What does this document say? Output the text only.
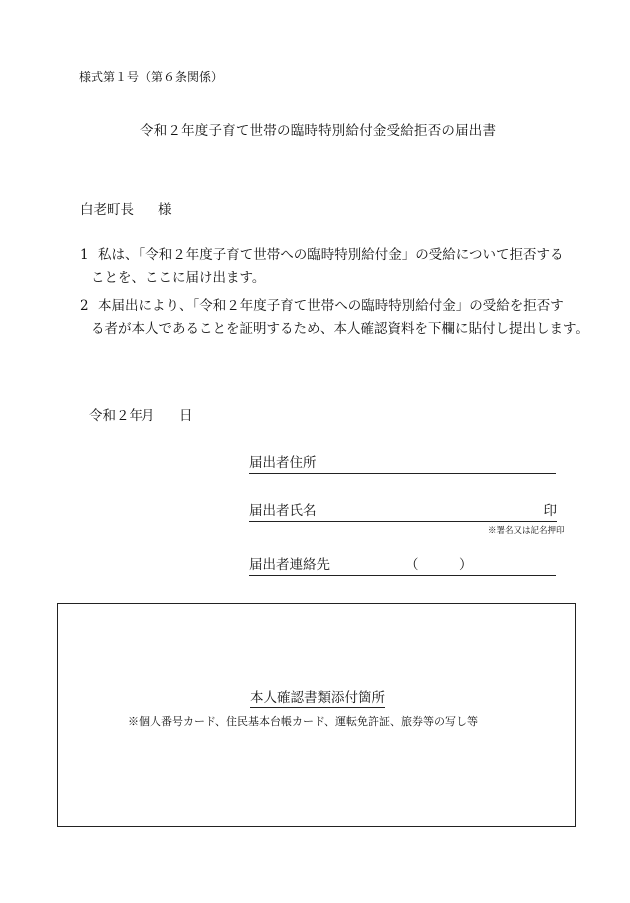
様式第１号（第６条関係）
令和２年度子育て世帯の臨時特別給付金受給拒否の届出書
白老町長 様
1 私は、「令和２年度子育て世帯への臨時特別給付金」の受給について拒否する
ことを、ここに届け出ます。
2 本届出により、「令和２年度子育て世帯への臨時特別給付金」の受給を拒否す
る者が本人であることを証明するため、本人確認資料を下欄に貼付し提出します。
令和２年月 日
届出者住所
届出者氏名	印
※署名又は記名押印
届出者連絡先	（　　　）
本人確認書類添付箇所
※個人番号カード、住民基本台帳カード、運転免許証、旅券等の写し等
